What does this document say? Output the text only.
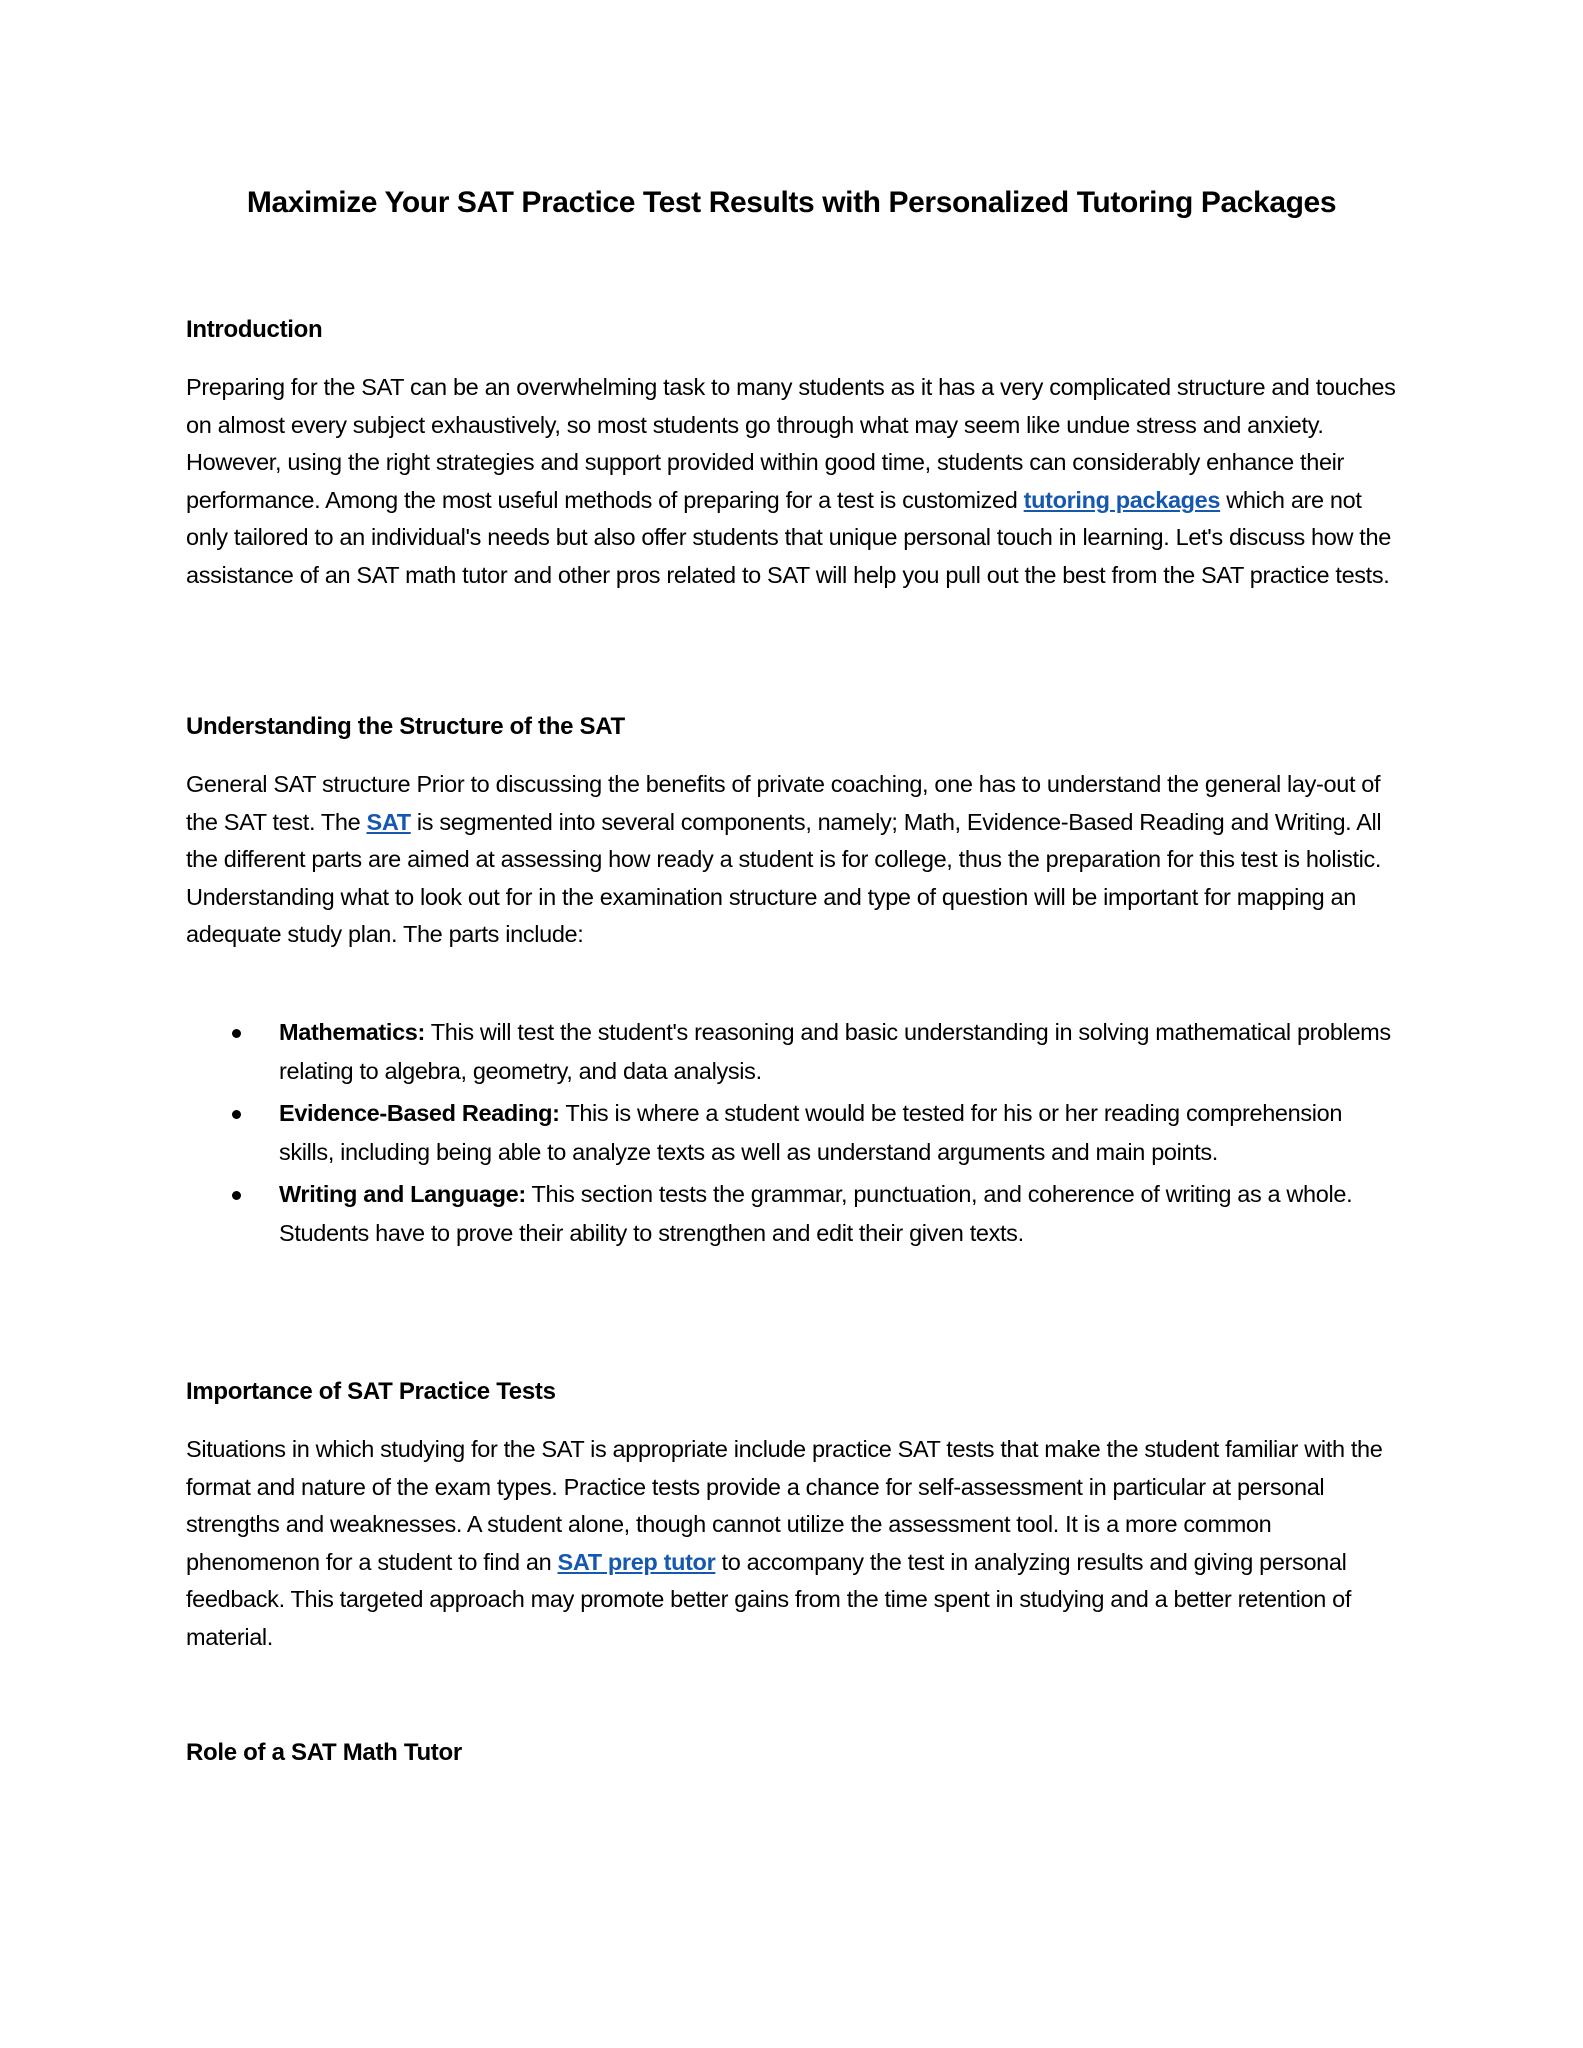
Maximize Your SAT Practice Test Results with Personalized Tutoring Packages
Introduction

Preparing for the SAT can be an overwhelming task to many students as it has a very complicated structure and touches on almost every subject exhaustively, so most students go through what may seem like undue stress and anxiety. However, using the right strategies and support provided within good time, students can considerably enhance their performance. Among the most useful methods of preparing for a test is customized tutoring packages which are not only tailored to an individual's needs but also offer students that unique personal touch in learning. Let's discuss how the assistance of an SAT math tutor and other pros related to SAT will help you pull out the best from the SAT practice tests.

Understanding the Structure of the SAT

General SAT structure Prior to discussing the benefits of private coaching, one has to understand the general lay-out of the SAT test. The SAT is segmented into several components, namely; Math, Evidence-Based Reading and Writing. All the different parts are aimed at assessing how ready a student is for college, thus the preparation for this test is holistic. Understanding what to look out for in the examination structure and type of question will be important for mapping an adequate study plan. The parts include:

Mathematics: This will test the student's reasoning and basic understanding in solving mathematical problems relating to algebra, geometry, and data analysis.
Evidence-Based Reading: This is where a student would be tested for his or her reading comprehension skills, including being able to analyze texts as well as understand arguments and main points.
Writing and Language: This section tests the grammar, punctuation, and coherence of writing as a whole. Students have to prove their ability to strengthen and edit their given texts.
Importance of SAT Practice Tests

Situations in which studying for the SAT is appropriate include practice SAT tests that make the student familiar with the format and nature of the exam types. Practice tests provide a chance for self-assessment in particular at personal strengths and weaknesses. A student alone, though cannot utilize the assessment tool. It is a more common phenomenon for a student to find an SAT prep tutor to accompany the test in analyzing results and giving personal feedback. This targeted approach may promote better gains from the time spent in studying and a better retention of material.

Role of a SAT Math Tutor
